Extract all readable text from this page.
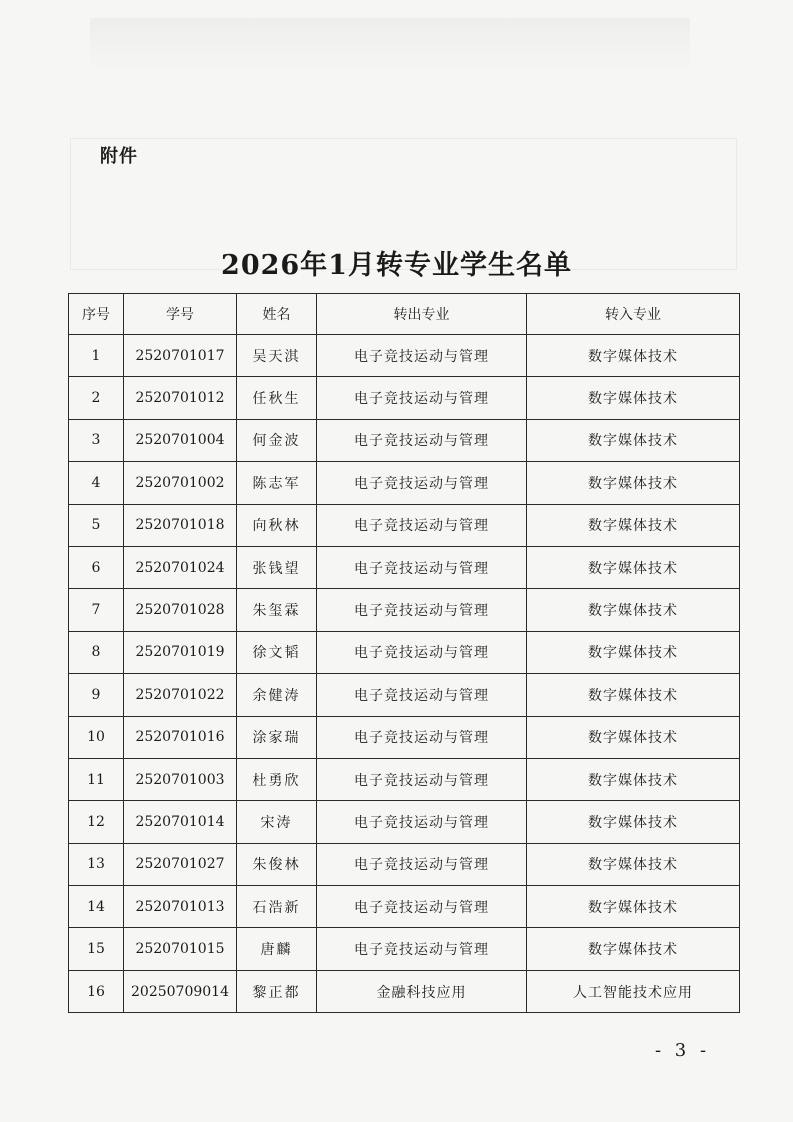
附件
2026年1月转专业学生名单
序号	学号	姓名	转出专业	转入专业
1	2520701017	吴天淇	电子竞技运动与管理	数字媒体技术
2	2520701012	任秋生	电子竞技运动与管理	数字媒体技术
3	2520701004	何金波	电子竞技运动与管理	数字媒体技术
4	2520701002	陈志军	电子竞技运动与管理	数字媒体技术
5	2520701018	向秋林	电子竞技运动与管理	数字媒体技术
6	2520701024	张钱望	电子竞技运动与管理	数字媒体技术
7	2520701028	朱玺霖	电子竞技运动与管理	数字媒体技术
8	2520701019	徐文韬	电子竞技运动与管理	数字媒体技术
9	2520701022	余健涛	电子竞技运动与管理	数字媒体技术
10	2520701016	涂家瑞	电子竞技运动与管理	数字媒体技术
11	2520701003	杜勇欣	电子竞技运动与管理	数字媒体技术
12	2520701014	宋涛	电子竞技运动与管理	数字媒体技术
13	2520701027	朱俊林	电子竞技运动与管理	数字媒体技术
14	2520701013	石浩新	电子竞技运动与管理	数字媒体技术
15	2520701015	唐麟	电子竞技运动与管理	数字媒体技术
16	20250709014	黎正都	金融科技应用	人工智能技术应用
- 3 -
